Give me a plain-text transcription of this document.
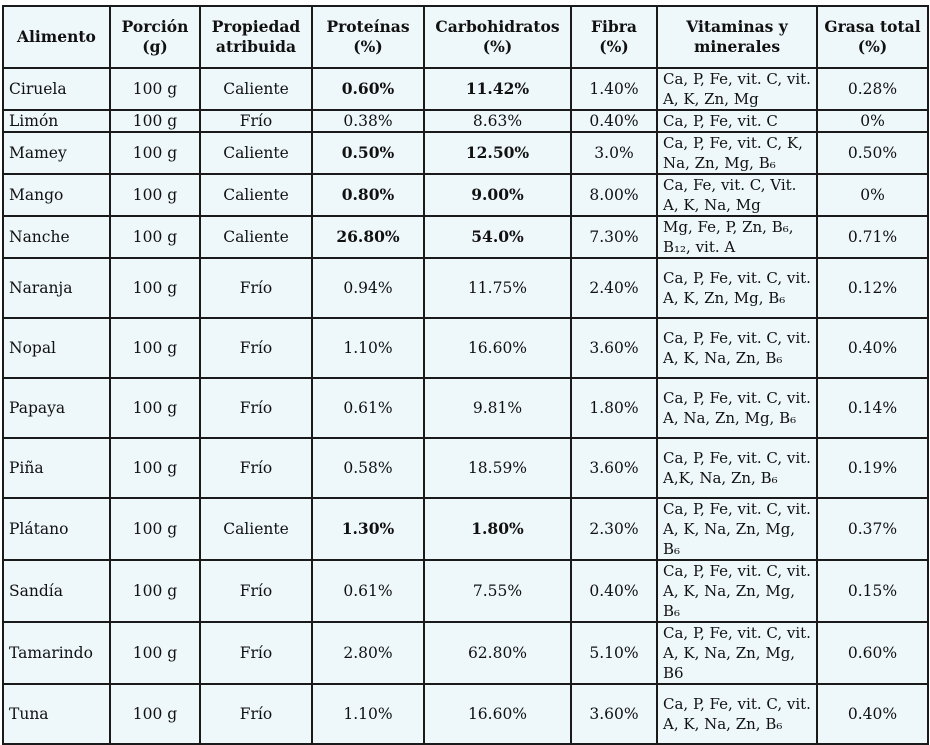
Alimento	Porción (g)	Propiedad atribuida	Proteínas (%)	Carbohidratos (%)	Fibra (%)	Vitaminas y minerales	Grasa total (%)
Ciruela	100 g	Caliente	0.60%	11.42%	1.40%	Ca, P, Fe, vit. C, vit. A, K, Zn, Mg	0.28%
Limón	100 g	Frío	0.38%	8.63%	0.40%	Ca, P, Fe, vit. C	0%
Mamey	100 g	Caliente	0.50%	12.50%	3.0%	Ca, P, Fe, vit. C, K, Na, Zn, Mg, B₆	0.50%
Mango	100 g	Caliente	0.80%	9.00%	8.00%	Ca, Fe, vit. C, Vit. A, K, Na, Mg	0%
Nanche	100 g	Caliente	26.80%	54.0%	7.30%	Mg, Fe, P, Zn, B₆, B₁₂, vit. A	0.71%
Naranja	100 g	Frío	0.94%	11.75%	2.40%	Ca, P, Fe, vit. C, vit. A, K, Zn, Mg, B₆	0.12%
Nopal	100 g	Frío	1.10%	16.60%	3.60%	Ca, P, Fe, vit. C, vit. A, K, Na, Zn, B₆	0.40%
Papaya	100 g	Frío	0.61%	9.81%	1.80%	Ca, P, Fe, vit. C, vit. A, Na, Zn, Mg, B₆	0.14%
Piña	100 g	Frío	0.58%	18.59%	3.60%	Ca, P, Fe, vit. C, vit. A,K, Na, Zn, B₆	0.19%
Plátano	100 g	Caliente	1.30%	1.80%	2.30%	Ca, P, Fe, vit. C, vit. A, K, Na, Zn, Mg, B₆	0.37%
Sandía	100 g	Frío	0.61%	7.55%	0.40%	Ca, P, Fe, vit. C, vit. A, K, Na, Zn, Mg, B₆	0.15%
Tamarindo	100 g	Frío	2.80%	62.80%	5.10%	Ca, P, Fe, vit. C, vit. A, K, Na, Zn, Mg, B6	0.60%
Tuna	100 g	Frío	1.10%	16.60%	3.60%	Ca, P, Fe, vit. C, vit. A, K, Na, Zn, B₆	0.40%
